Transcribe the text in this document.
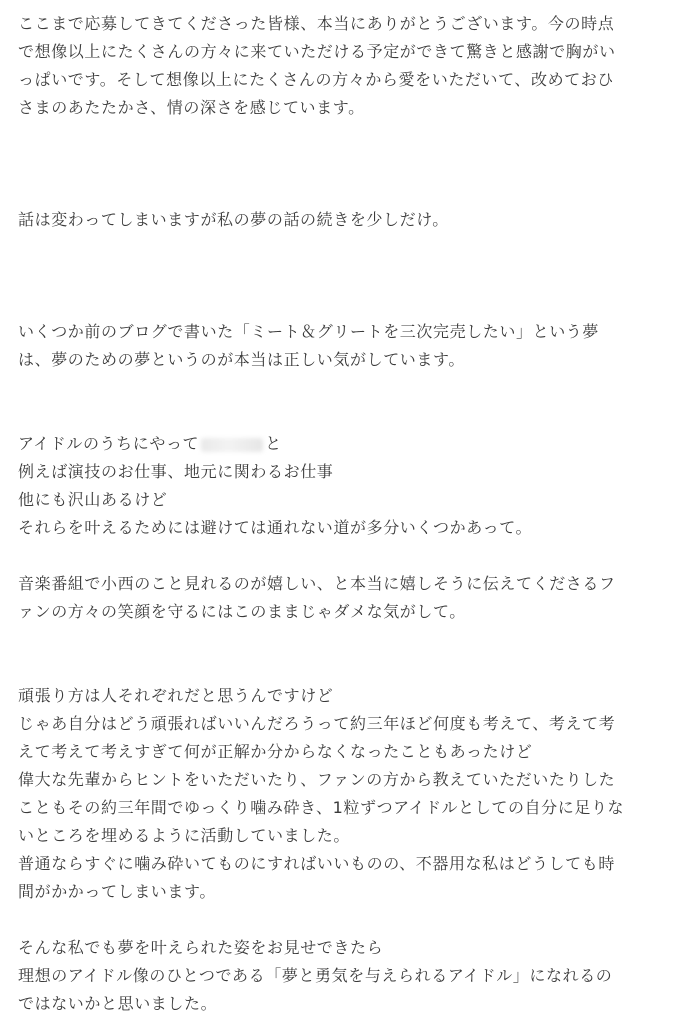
ここまで応募してきてくださった皆様、本当にありがとうございます。今の時点
で想像以上にたくさんの方々に来ていただける予定ができて驚きと感謝で胸がい
っぱいです。そして想像以上にたくさんの方々から愛をいただいて、改めておひ
さまのあたたかさ、情の深さを感じています。
話は変わってしまいますが私の夢の話の続きを少しだけ。
いくつか前のブログで書いた「ミート＆グリートを三次完売したい」という夢
は、夢のための夢というのが本当は正しい気がしています。
アイドルのうちにやって	と
例えば演技のお仕事、地元に関わるお仕事
他にも沢山あるけど
それらを叶えるためには避けては通れない道が多分いくつかあって。
音楽番組で小西のこと見れるのが嬉しい、と本当に嬉しそうに伝えてくださるフ
ァンの方々の笑顔を守るにはこのままじゃダメな気がして。
頑張り方は人それぞれだと思うんですけど
じゃあ自分はどう頑張ればいいんだろうって約三年ほど何度も考えて、考えて考
えて考えて考えすぎて何が正解か分からなくなったこともあったけど
偉大な先輩からヒントをいただいたり、ファンの方から教えていただいたりした
こともその約三年間でゆっくり噛み砕き、1粒ずつアイドルとしての自分に足りな
いところを埋めるように活動していました。
普通ならすぐに噛み砕いてものにすればいいものの、不器用な私はどうしても時
間がかかってしまいます。
そんな私でも夢を叶えられた姿をお見せできたら
理想のアイドル像のひとつである「夢と勇気を与えられるアイドル」になれるの
ではないかと思いました。
